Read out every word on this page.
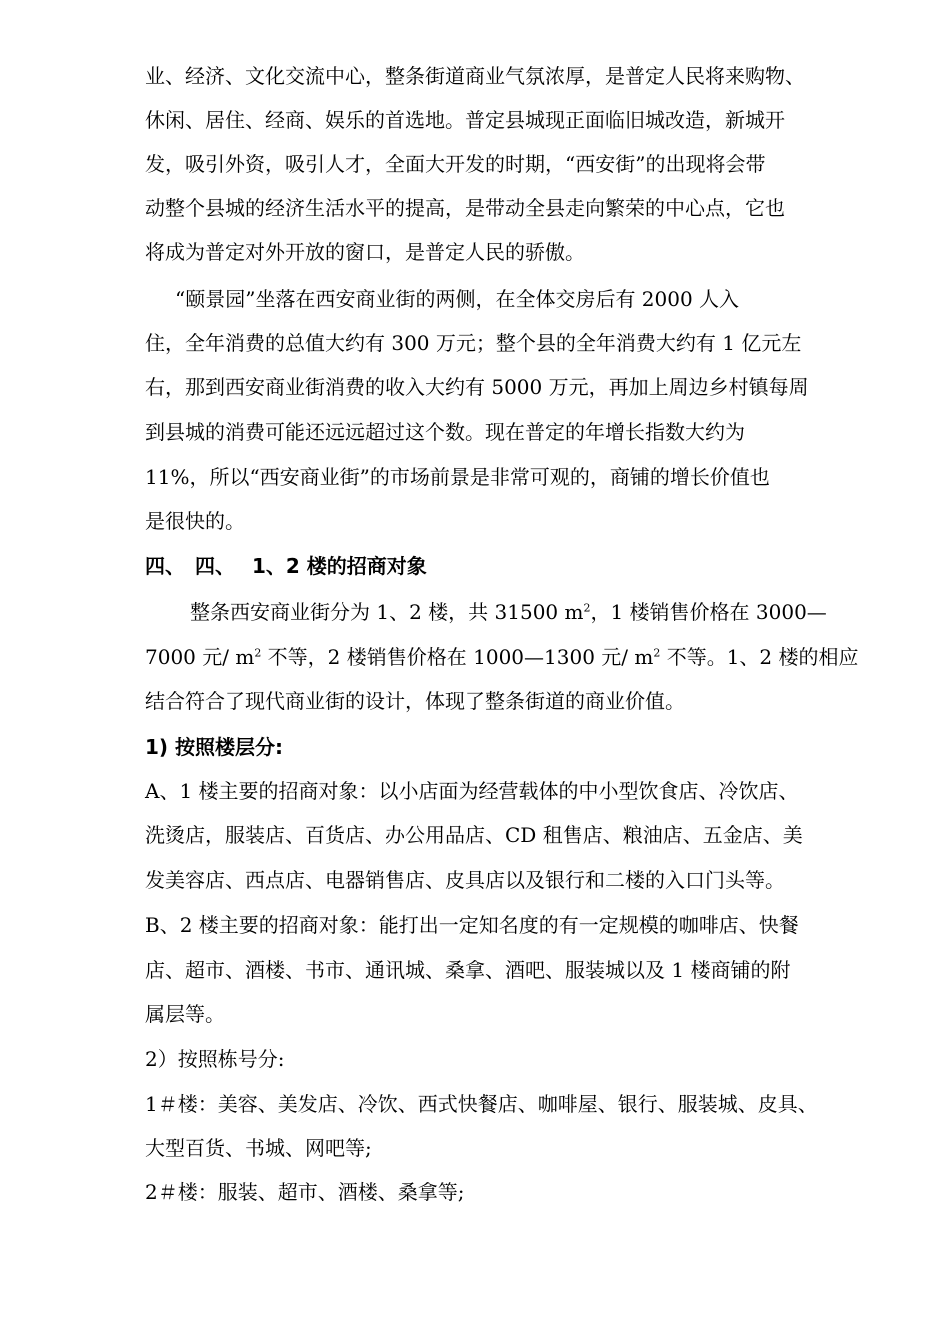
业、经济、文化交流中心，整条街道商业气氛浓厚，是普定人民将来购物、
休闲、居住、经商、娱乐的首选地。普定县城现正面临旧城改造，新城开
发，吸引外资，吸引人才，全面大开发的时期，“西安街”的出现将会带
动整个县城的经济生活水平的提高，是带动全县走向繁荣的中心点，它也
将成为普定对外开放的窗口，是普定人民的骄傲。
“颐景园”坐落在西安商业街的两侧，在全体交房后有 2000 人入
住，全年消费的总值大约有 300 万元；整个县的全年消费大约有 1 亿元左
右，那到西安商业街消费的收入大约有 5000 万元，再加上周边乡村镇每周
到县城的消费可能还远远超过这个数。现在普定的年增长指数大约为
11%，所以“西安商业街”的市场前景是非常可观的，商铺的增长价值也
是很快的。
四、　四、　 1、2 楼的招商对象
整条西安商业街分为 1、2 楼，共 31500 $m^2$，1 楼销售价格在 3000—
7000 元/ $m^2$ 不等，2 楼销售价格在 1000—1300 元/ $m^2$ 不等。1、2 楼的相应
结合符合了现代商业街的设计，体现了整条街道的商业价值。
1) 按照楼层分:
A、1 楼主要的招商对象：以小店面为经营载体的中小型饮食店、冷饮店、
洗烫店，服装店、百货店、办公用品店、CD 租售店、粮油店、五金店、美
发美容店、西点店、电器销售店、皮具店以及银行和二楼的入口门头等。
B、2 楼主要的招商对象：能打出一定知名度的有一定规模的咖啡店、快餐
店、超市、酒楼、书市、通讯城、桑拿、酒吧、服装城以及 1 楼商铺的附
属层等。
2）按照栋号分:
1＃楼：美容、美发店、冷饮、西式快餐店、咖啡屋、银行、服装城、皮具、
大型百货、书城、网吧等;
2＃楼：服装、超市、酒楼、桑拿等;
